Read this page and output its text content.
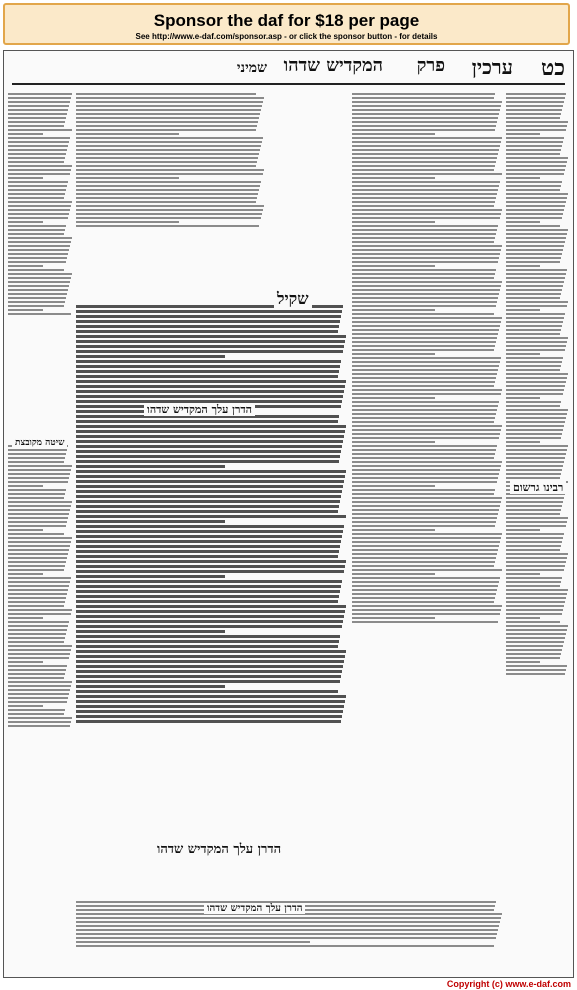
Sponsor the daf for $18 per page
See http://www.e-daf.com/sponsor.asp - or click the sponsor button - for details
כט
ערכין
פרק
המקדיש שדהו
שמיני
שקיל
הדרן עלך המקדיש שדהו
הדרן עלך המקדיש שדהו
הדרן עלך המקדיש שדהו
רבינו גרשום
שיטה מקובצת
Copyright (c) www.e-daf.com
